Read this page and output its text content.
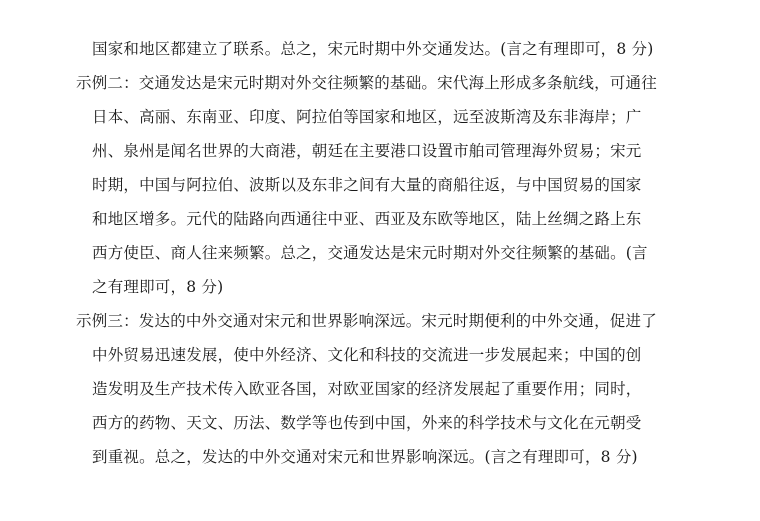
国家和地区都建立了联系。总之，宋元时期中外交通发达。(言之有理即可，8 分)
示例二：交通发达是宋元时期对外交往频繁的基础。宋代海上形成多条航线，可通往
日本、高丽、东南亚、印度、阿拉伯等国家和地区，远至波斯湾及东非海岸；广
州、泉州是闻名世界的大商港，朝廷在主要港口设置市舶司管理海外贸易；宋元
时期，中国与阿拉伯、波斯以及东非之间有大量的商船往返，与中国贸易的国家
和地区增多。元代的陆路向西通往中亚、西亚及东欧等地区，陆上丝绸之路上东
西方使臣、商人往来频繁。总之，交通发达是宋元时期对外交往频繁的基础。(言
之有理即可，8 分)
示例三：发达的中外交通对宋元和世界影响深远。宋元时期便利的中外交通，促进了
中外贸易迅速发展，使中外经济、文化和科技的交流进一步发展起来；中国的创
造发明及生产技术传入欧亚各国，对欧亚国家的经济发展起了重要作用；同时，
西方的药物、天文、历法、数学等也传到中国，外来的科学技术与文化在元朝受
到重视。总之，发达的中外交通对宋元和世界影响深远。(言之有理即可，8 分)
